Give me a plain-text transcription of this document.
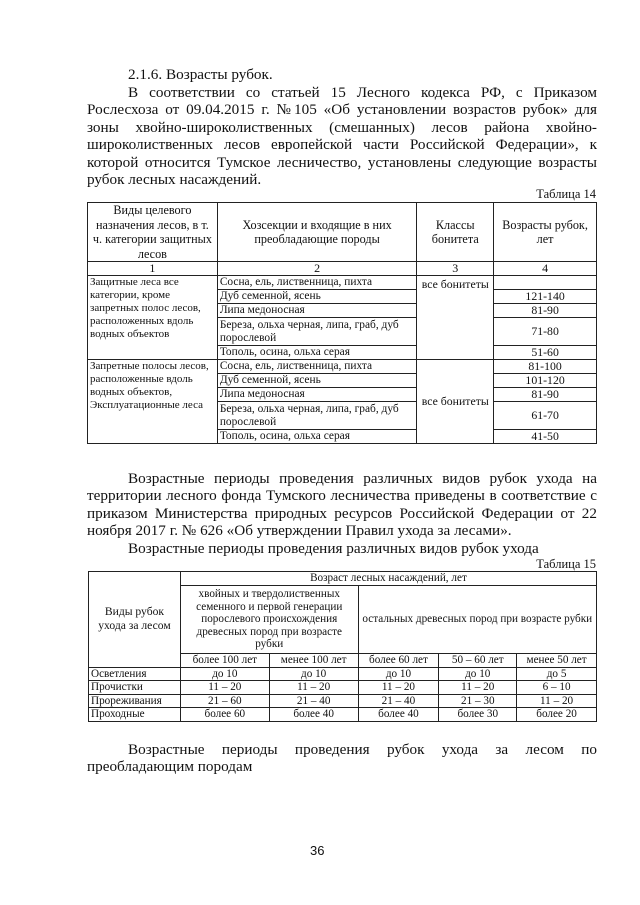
2.1.6. Возрасты рубок.
В соответствии со статьей 15 Лесного кодекса РФ, с Приказом Рослесхоза от 09.04.2015 г. №105 «Об установлении возрастов рубок» для зоны хвойно-широколиственных (смешанных) лесов района хвойно-широколиственных лесов европейской части Российской Федерации», к которой относится Тумское лесничество, установлены следующие возрасты рубок лесных насаждений.
Таблица 14
Виды целевого назначения лесов, в т. ч. категории защитных лесов	Хозсекции и входящие в них преобладающие породы	Классы бонитета	Возрасты рубок, лет
1	2	3	4
Защитные леса все категории, кроме запретных полос лесов, расположенных вдоль водных объектов	Сосна, ель, лиственница, пихта	все бонитеты	
	Дуб семенной, ясень		121-140
	Липа медоносная		81-90
	Береза, ольха черная, липа, граб, дуб порослевой		71-80
	Тополь, осина, ольха серая		51-60
Запретные полосы лесов, расположенные вдоль водных объектов, Эксплуатационные леса	Сосна, ель, лиственница, пихта	все бонитеты	81-100
	Дуб семенной, ясень		101-120
	Липа медоносная		81-90
	Береза, ольха черная, липа, граб, дуб порослевой		61-70
	Тополь, осина, ольха серая		41-50
Возрастные периоды проведения различных видов рубок ухода на территории лесного фонда Тумского лесничества приведены в соответствие с приказом Министерства природных ресурсов Российской Федерации от 22 ноября 2017 г. № 626 «Об утверждении Правил ухода за лесами».
Возрастные периоды проведения различных видов рубок ухода
Таблица 15
Виды рубок ухода за лесом	Возраст лесных насаждений, лет				
	хвойных и твердолиственных семенного и первой генерации порослевого происхождения древесных пород при возрасте рубки		остальных древесных пород при возрасте рубки		
	более 100 лет	менее 100 лет	более 60 лет	50 – 60 лет	менее 50 лет
Осветления	до 10	до 10	до 10	до 10	до 5
Прочистки	11 – 20	11 – 20	11 – 20	11 – 20	6 – 10
Прореживания	21 – 60	21 – 40	21 – 40	21 – 30	11 – 20
Проходные	более 60	более 40	более 40	более 30	более 20
Возрастные периоды проведения рубок ухода за лесом по преобладающим породам
36
